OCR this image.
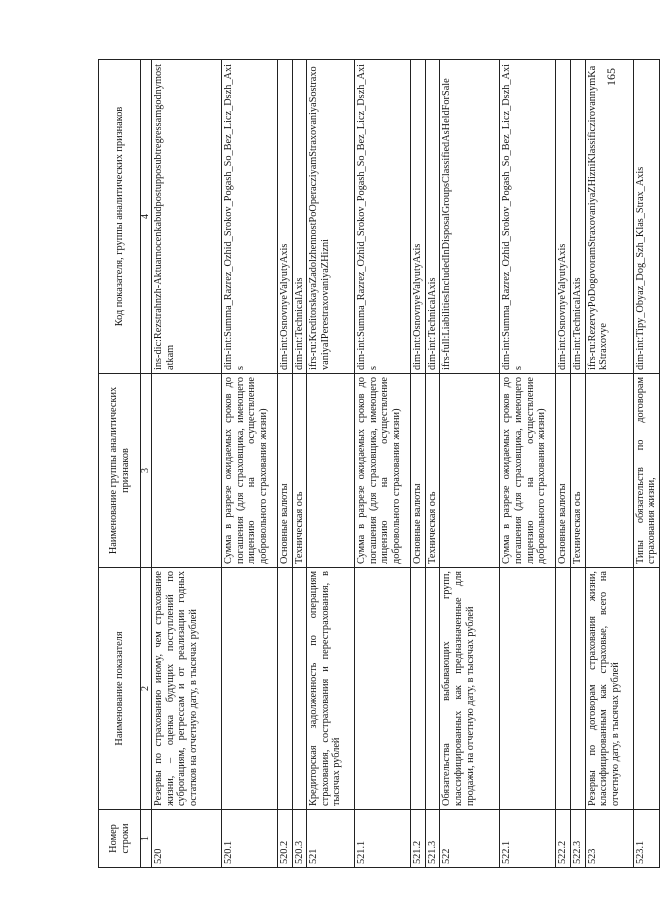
165
Номер строки	Наименование показателя	Наименование группы аналитических признаков	Код показателя, группы аналитических признаков
1	2	3	4
520	Резервы по страхованию иному, чем страхование жизни, – оценка будущих поступлений по суброгациям, регрессам и от реализации годных остатков на отчетную дату, в тысячах рублей		ins-dic:Rezstrahnzh-Aktuarnocenkabudpostupposubtregressamgodnymostatkam
520.1		Сумма в разрезе ожидаемых сроков до погашения (для страховщика, имеющего лицензию на осуществление добровольного страхования жизни)	dim-int:Summa_Razrez_Ozhid_Srokov_Pogash_So_Bez_Licz_Dszh_Axis
520.2		Основные валюты	dim-int:OsnovnyeValyutyAxis
520.3		Техническая ось	dim-int:TechnicalAxis
521	Кредиторская задолженность по операциям страхования, сострахования и перестрахования, в тысячах рублей		ifrs-ru:KreditorskayaZadolzhennostPoOperacziyamStraxovaniyaSostraxovaniyaIPerestraxovaniyaZHizni
521.1		Сумма в разрезе ожидаемых сроков до погашения (для страховщика, имеющего лицензию на осуществление добровольного страхования жизни)	dim-int:Summa_Razrez_Ozhid_Srokov_Pogash_So_Bez_Licz_Dszh_Axis
521.2		Основные валюты	dim-int:OsnovnyeValyutyAxis
521.3		Техническая ось	dim-int:TechnicalAxis
522	Обязательства выбывающих групп, классифицированных как предназначенные для продажи, на отчетную дату, в тысячах рублей		ifrs-full:LiabilitiesIncludedInDisposalGroupsClassifiedAsHeldForSale
522.1		Сумма в разрезе ожидаемых сроков до погашения (для страховщика, имеющего лицензию на осуществление добровольного страхования жизни)	dim-int:Summa_Razrez_Ozhid_Srokov_Pogash_So_Bez_Licz_Dszh_Axis
522.2		Основные валюты	dim-int:OsnovnyeValyutyAxis
522.3		Техническая ось	dim-int:TechnicalAxis
523	Резервы по договорам страхования жизни, классифицированным как страховые, всего на отчетную дату, в тысячах рублей		ifrs-ru:RezervyPoDogovoramStraxovaniyaZHizniKlassificzirovannymKakStraxovye
523.1		Типы обязательств по договорам страхования жизни,	dim-int:Tipy_Obyaz_Dog_Szh_Klas_Strax_Axis
